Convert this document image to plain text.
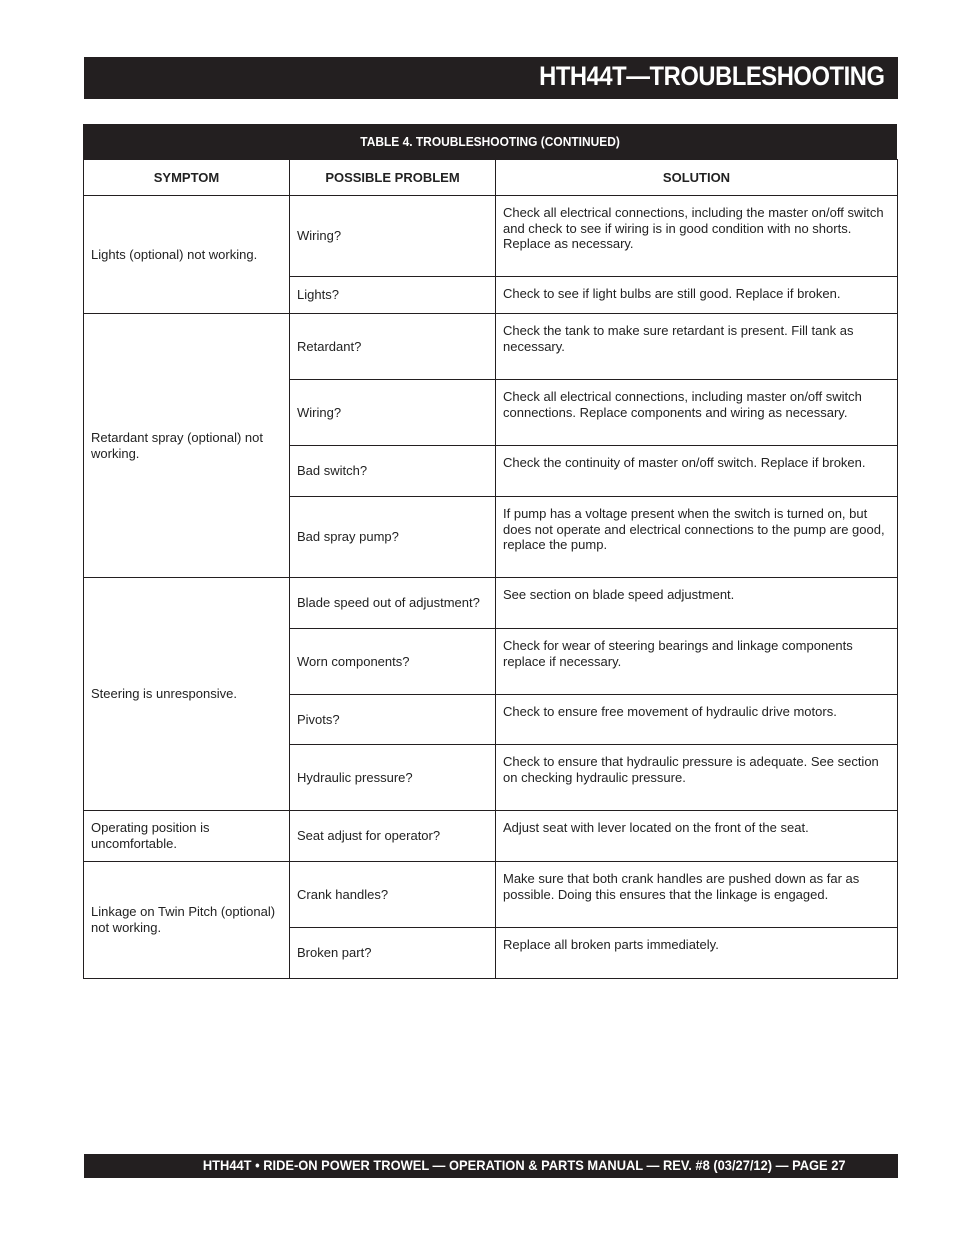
HTH44T—TROUBLESHOOTING
TABLE 4. TROUBLESHOOTING (CONTINUED)
SYMPTOM	POSSIBLE PROBLEM	SOLUTION
Lights (optional) not working.	Wiring?	Check all electrical connections, including the master on/off switch and check to see if wiring is in good condition with no shorts. Replace as necessary.
	Lights?	Check to see if light bulbs are still good. Replace if broken.
Retardant spray (optional) not working.	Retardant?	Check the tank to make sure retardant is present. Fill tank as necessary.
	Wiring?	Check all electrical connections, including master on/off switch connections. Replace components and wiring as necessary.
	Bad switch?	Check the continuity of master on/off switch. Replace if broken.
	Bad spray pump?	If pump has a voltage present when the switch is turned on, but does not operate and electrical connections to the pump are good, replace the pump.
Steering is unresponsive.	Blade speed out of adjustment?	See section on blade speed adjustment.
	Worn components?	Check for wear of steering bearings and linkage components replace if necessary.
	Pivots?	Check to ensure free movement of hydraulic drive motors.
	Hydraulic pressure?	Check to ensure that hydraulic pressure is adequate. See section on checking hydraulic pressure.
Operating position is uncomfortable.	Seat adjust for operator?	Adjust seat with lever located on the front of the seat.
Linkage on Twin Pitch (optional) not working.	Crank handles?	Make sure that both crank handles are pushed down as far as possible. Doing this ensures that the linkage is engaged.
	Broken part?	Replace all broken parts immediately.
HTH44T • RIDE-ON POWER TROWEL — OPERATION & PARTS MANUAL — REV. #8 (03/27/12) — PAGE 27
